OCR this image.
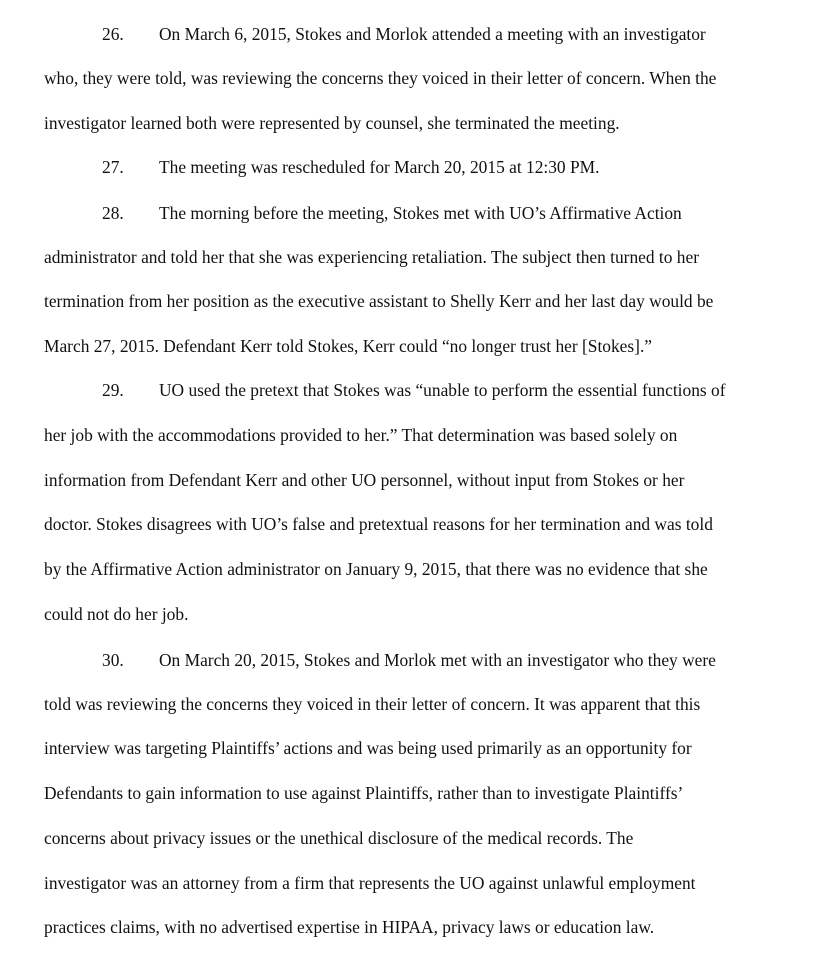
26. On March 6, 2015, Stokes and Morlok attended a meeting with an investigator
who, they were told, was reviewing the concerns they voiced in their letter of concern. When the
investigator learned both were represented by counsel, she terminated the meeting.
27. The meeting was rescheduled for March 20, 2015 at 12:30 PM.
28. The morning before the meeting, Stokes met with UO’s Affirmative Action
administrator and told her that she was experiencing retaliation. The subject then turned to her
termination from her position as the executive assistant to Shelly Kerr and her last day would be
March 27, 2015. Defendant Kerr told Stokes, Kerr could “no longer trust her [Stokes].”
29. UO used the pretext that Stokes was “unable to perform the essential functions of
her job with the accommodations provided to her.” That determination was based solely on
information from Defendant Kerr and other UO personnel, without input from Stokes or her
doctor. Stokes disagrees with UO’s false and pretextual reasons for her termination and was told
by the Affirmative Action administrator on January 9, 2015, that there was no evidence that she
could not do her job.
30. On March 20, 2015, Stokes and Morlok met with an investigator who they were
told was reviewing the concerns they voiced in their letter of concern. It was apparent that this
interview was targeting Plaintiffs’ actions and was being used primarily as an opportunity for
Defendants to gain information to use against Plaintiffs, rather than to investigate Plaintiffs’
concerns about privacy issues or the unethical disclosure of the medical records. The
investigator was an attorney from a firm that represents the UO against unlawful employment
practices claims, with no advertised expertise in HIPAA, privacy laws or education law.
